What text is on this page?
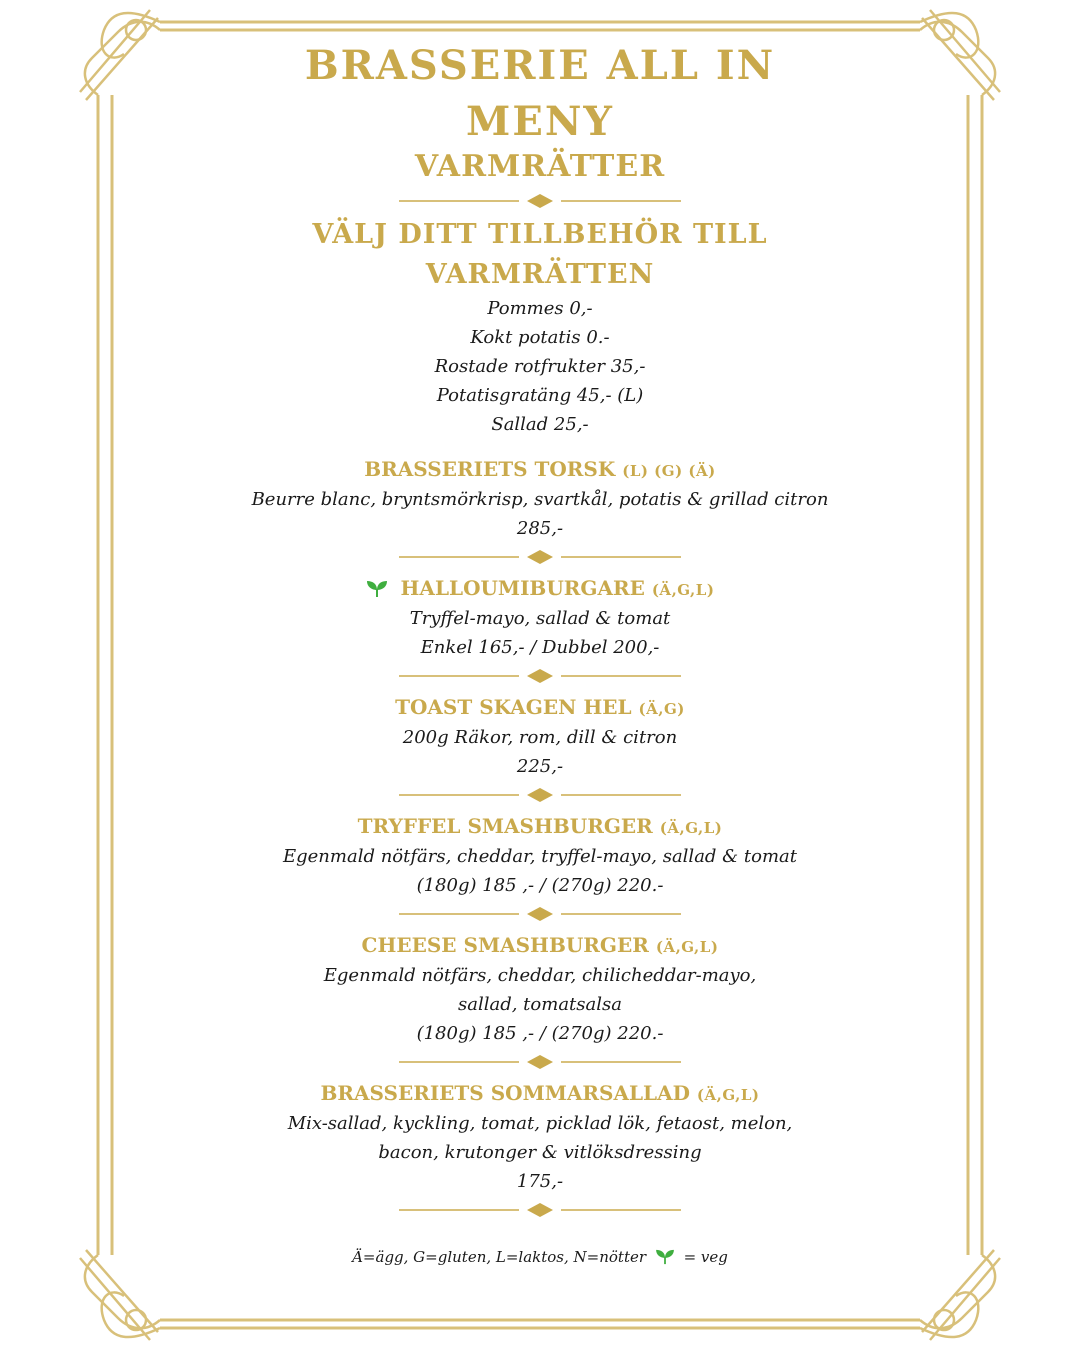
BRASSERIE ALL IN
MENY
VARMRÄTTER
VÄLJ DITT TILLBEHÖR TILL
VARMRÄTTEN
Pommes 0,-
Kokt potatis 0.-
Rostade rotfrukter 35,-
Potatisgratäng 45,- (L)
Sallad 25,-
BRASSERIETS TORSK (L) (G) (Ä)
Beurre blanc, bryntsmörkrisp, svartkål, potatis & grillad citron
285,-
HALLOUMIBURGARE (Ä,G,L)
Tryffel-mayo, sallad & tomat
Enkel 165,- / Dubbel 200,-
TOAST SKAGEN HEL (Ä,G)
200g Räkor, rom, dill & citron
225,-
TRYFFEL SMASHBURGER (Ä,G,L)
Egenmald nötfärs, cheddar, tryffel-mayo, sallad & tomat
(180g) 185 ,- / (270g) 220.-
CHEESE SMASHBURGER (Ä,G,L)
Egenmald nötfärs, cheddar, chilicheddar-mayo,
sallad, tomatsalsa
(180g) 185 ,- / (270g) 220.-
BRASSERIETS SOMMARSALLAD (Ä,G,L)
Mix-sallad, kyckling, tomat, picklad lök, fetaost, melon,
bacon, krutonger & vitlöksdressing
175,-
Ä=ägg, G=gluten, L=laktos, N=nötter	= veg
